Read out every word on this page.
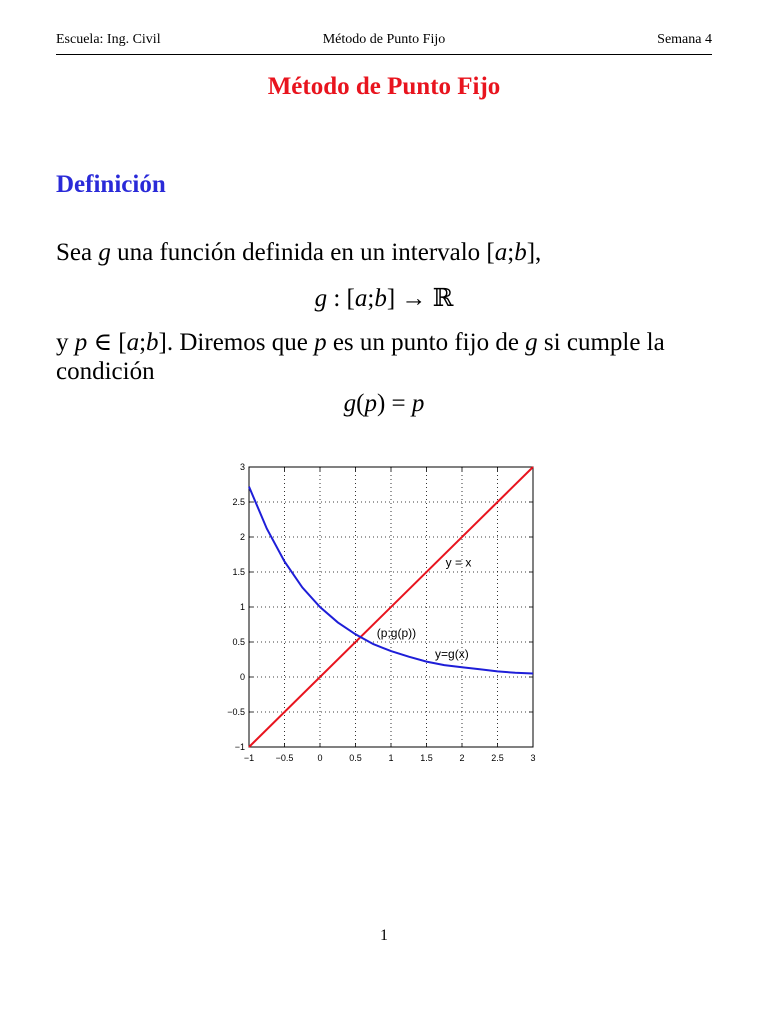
Escuela: Ing. Civil	Método de Punto Fijo	Semana 4
Método de Punto Fijo
Definición
Sea g una función definida en un intervalo [a;b],
g : [a;b] → ℝ
y p ∈ [a;b]. Diremos que p es un punto fijo de g si cumple la
condición
g(p) = p
−1 −0.5	0	0.5	1	1.5	2	2.5	3
3
2.5
2
1.5
1
0.5
0
−0.5
−1
y = x
(p;g(p))
y=g(x)
1
